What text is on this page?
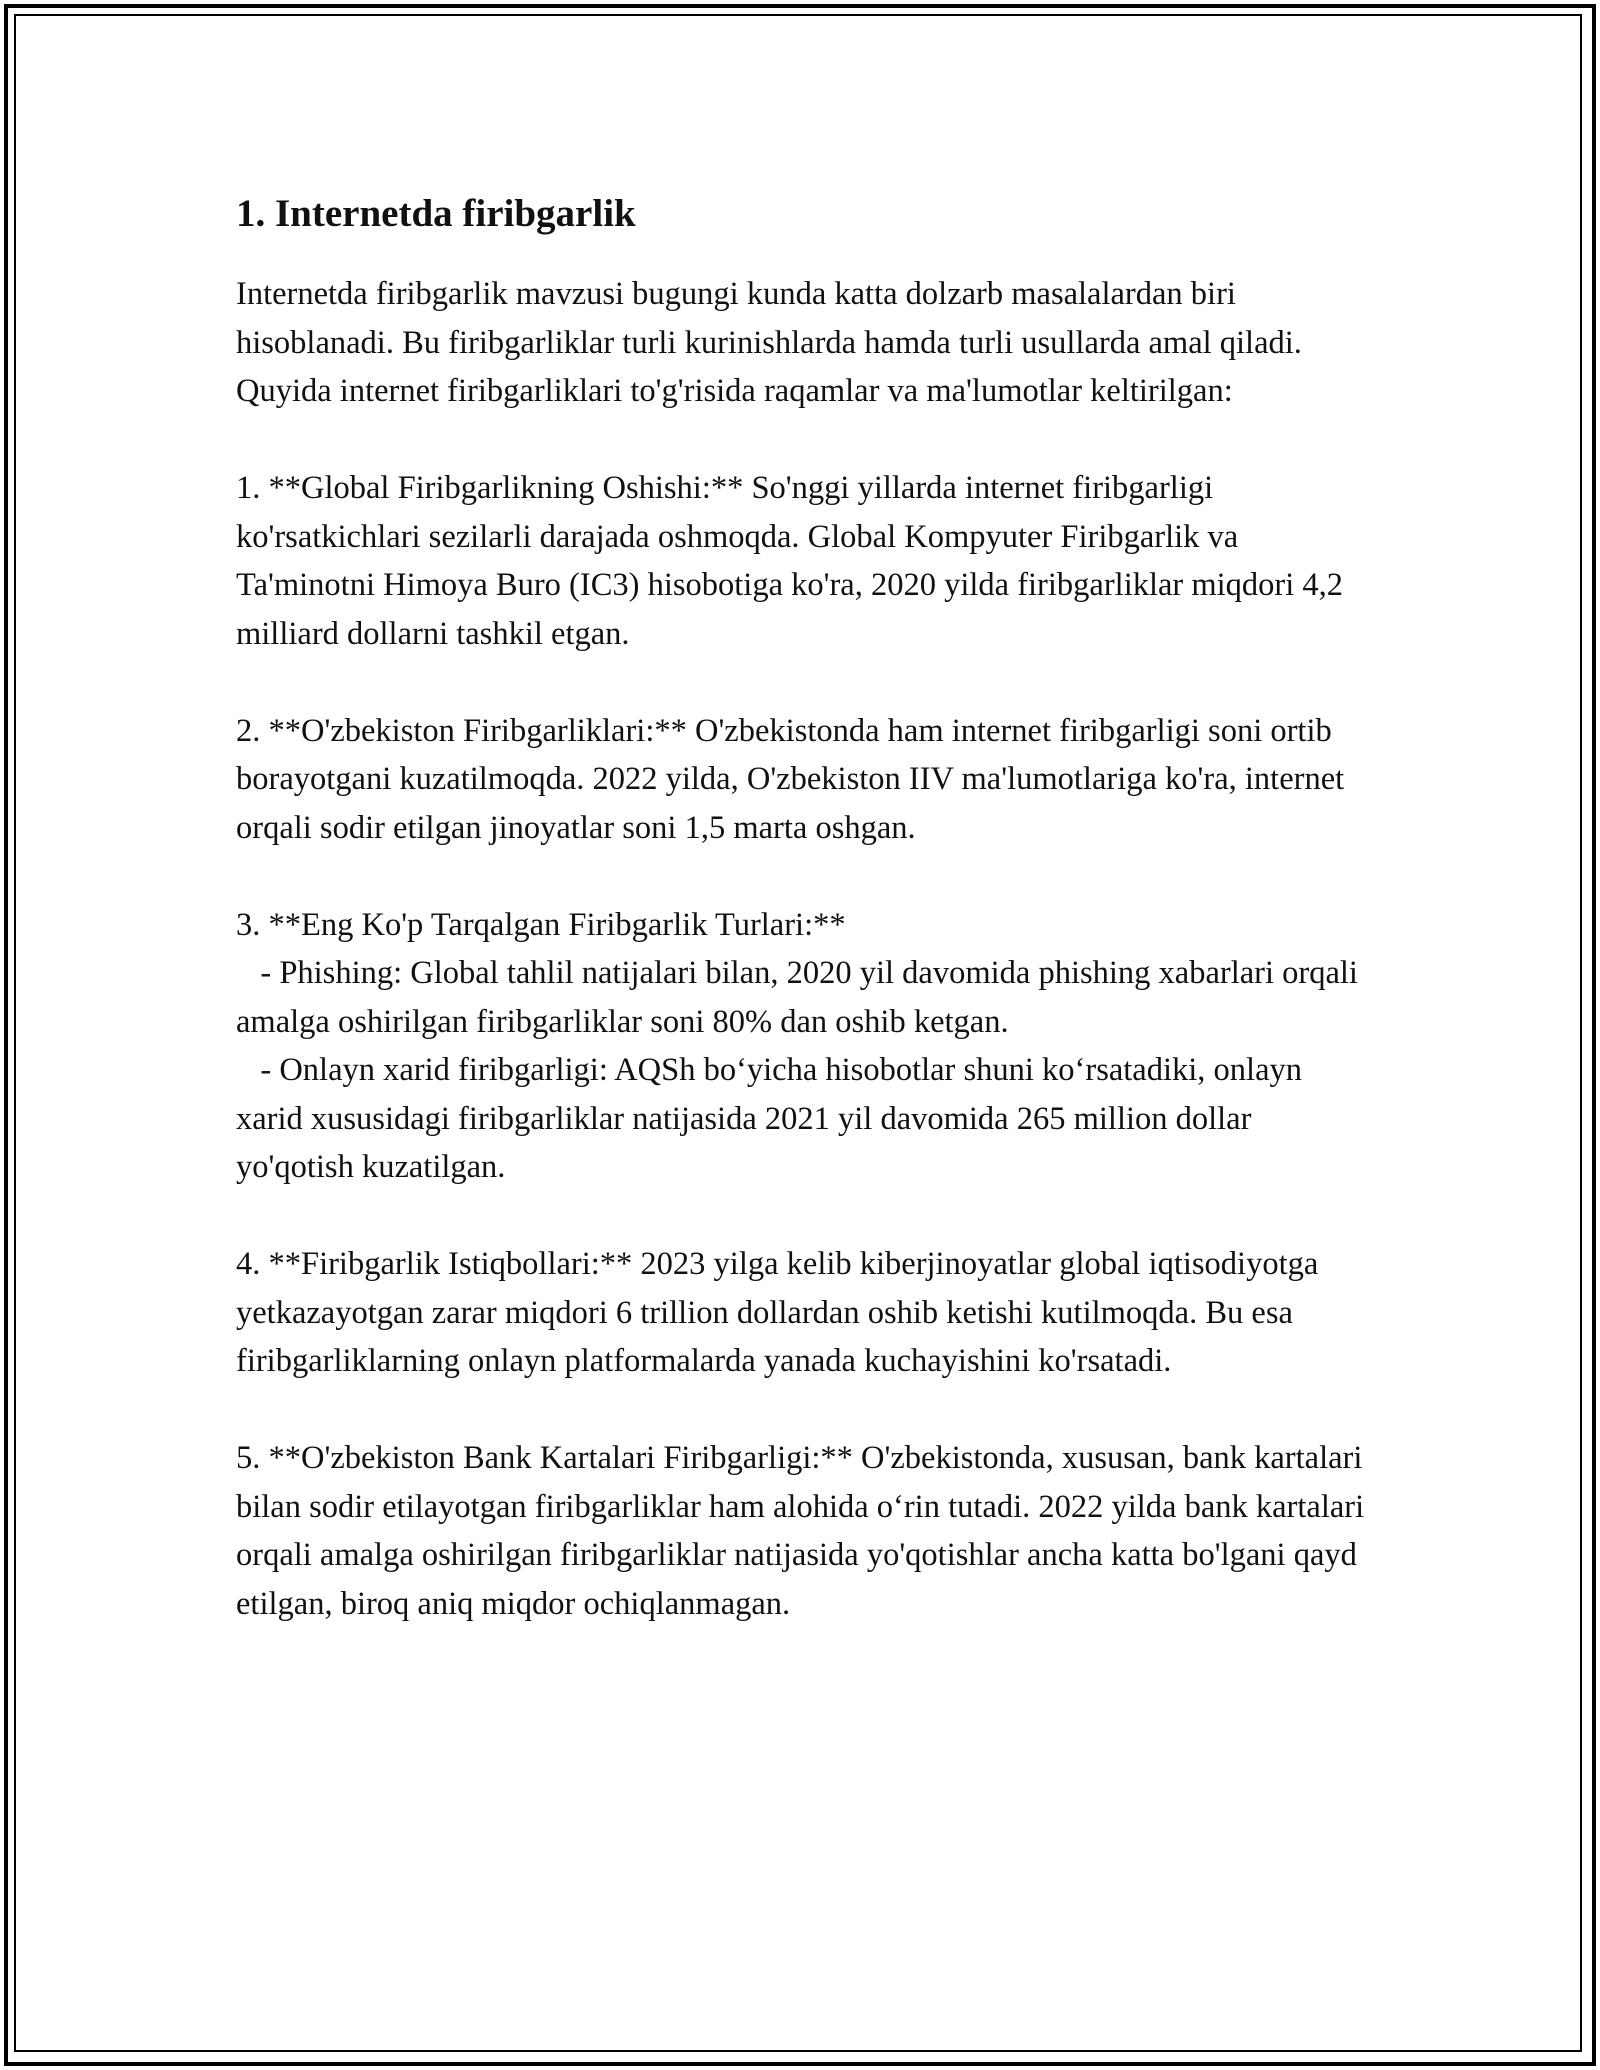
1. Internetda firibgarlik
Internetda firibgarlik mavzusi bugungi kunda katta dolzarb masalalardan biri hisoblanadi. Bu firibgarliklar turli kurinishlarda hamda turli usullarda amal qiladi. Quyida internet firibgarliklari to'g'risida raqamlar va ma'lumotlar keltirilgan:

1. **Global Firibgarlikning Oshishi:** So'nggi yillarda internet firibgarligi ko'rsatkichlari sezilarli darajada oshmoqda. Global Kompyuter Firibgarlik va Ta'minotni Himoya Buro (IC3) hisobotiga ko'ra, 2020 yilda firibgarliklar miqdori 4,2 milliard dollarni tashkil etgan.

2. **O'zbekiston Firibgarliklari:** O'zbekistonda ham internet firibgarligi soni ortib borayotgani kuzatilmoqda. 2022 yilda, O'zbekiston IIV ma'lumotlariga ko'ra, internet orqali sodir etilgan jinoyatlar soni 1,5 marta oshgan.

3. **Eng Ko'p Tarqalgan Firibgarlik Turlari:**
- Phishing: Global tahlil natijalari bilan, 2020 yil davomida phishing xabarlari orqali amalga oshirilgan firibgarliklar soni 80% dan oshib ketgan.
- Onlayn xarid firibgarligi: AQSh bo‘yicha hisobotlar shuni ko‘rsatadiki, onlayn xarid xususidagi firibgarliklar natijasida 2021 yil davomida 265 million dollar yo'qotish kuzatilgan.

4. **Firibgarlik Istiqbollari:** 2023 yilga kelib kiberjinoyatlar global iqtisodiyotga yetkazayotgan zarar miqdori 6 trillion dollardan oshib ketishi kutilmoqda. Bu esa firibgarliklarning onlayn platformalarda yanada kuchayishini ko'rsatadi.

5. **O'zbekiston Bank Kartalari Firibgarligi:** O'zbekistonda, xususan, bank kartalari bilan sodir etilayotgan firibgarliklar ham alohida o‘rin tutadi. 2022 yilda bank kartalari orqali amalga oshirilgan firibgarliklar natijasida yo'qotishlar ancha katta bo'lgani qayd etilgan, biroq aniq miqdor ochiqlanmagan.
